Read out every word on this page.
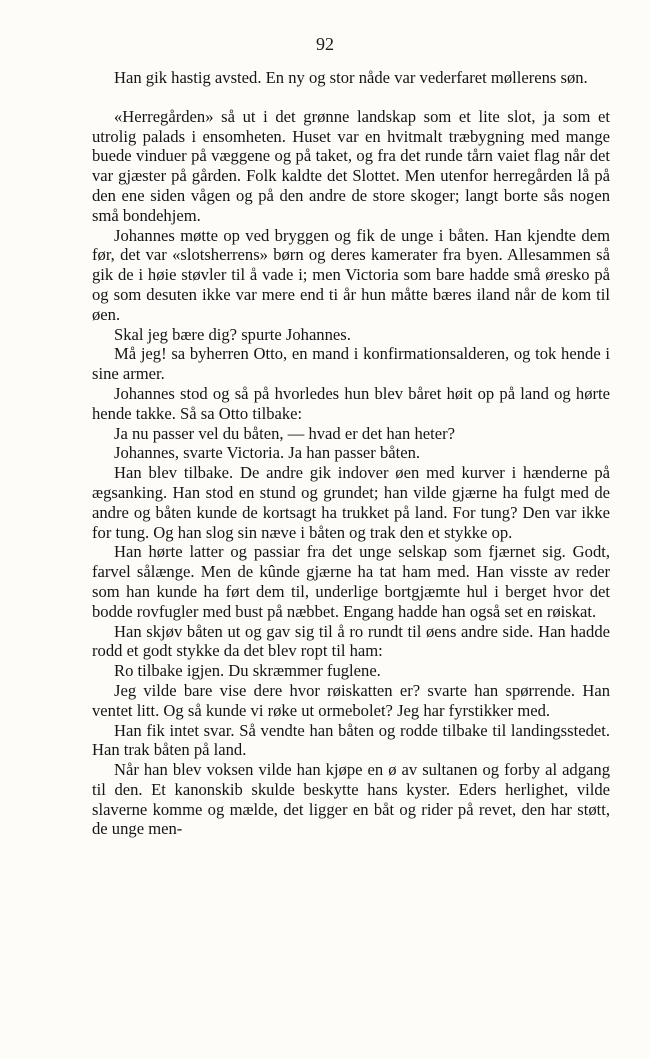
92

Han gik hastig avsted. En ny og stor nåde var vederfaret møllerens søn.

«Herregården» så ut i det grønne landskap som et lite slot, ja som et utrolig palads i ensomheten. Huset var en hvitmalt træbygning med mange buede vinduer på væggene og på taket, og fra det runde tårn vaiet flag når det var gjæster på gården. Folk kaldte det Slottet. Men utenfor herregården lå på den ene siden vågen og på den andre de store skoger; langt borte sås nogen små bondehjem.

Johannes møtte op ved bryggen og fik de unge i båten. Han kjendte dem før, det var «slotsherrens» børn og deres kamerater fra byen. Allesammen så gik de i høie støvler til å vade i; men Victoria som bare hadde små øresko på og som desuten ikke var mere end ti år hun måtte bæres iland når de kom til øen.

Skal jeg bære dig? spurte Johannes.

Må jeg! sa byherren Otto, en mand i konfirmationsalderen, og tok hende i sine armer.

Johannes stod og så på hvorledes hun blev båret høit op på land og hørte hende takke. Så sa Otto tilbake:

Ja nu passer vel du båten, — hvad er det han heter?

Johannes, svarte Victoria. Ja han passer båten.

Han blev tilbake. De andre gik indover øen med kurver i hænderne på ægsanking. Han stod en stund og grundet; han vilde gjærne ha fulgt med de andre og båten kunde de kortsagt ha trukket på land. For tung? Den var ikke for tung. Og han slog sin næve i båten og trak den et stykke op.

Han hørte latter og passiar fra det unge selskap som fjærnet sig. Godt, farvel sålænge. Men de kûnde gjærne ha tat ham med. Han visste av reder som han kunde ha ført dem til, underlige bortgjæmte hul i berget hvor det bodde rovfugler med bust på næbbet. Engang hadde han også set en røiskat.

Han skjøv båten ut og gav sig til å ro rundt til øens andre side. Han hadde rodd et godt stykke da det blev ropt til ham:

Ro tilbake igjen. Du skræmmer fuglene.

Jeg vilde bare vise dere hvor røiskatten er? svarte han spørrende. Han ventet litt. Og så kunde vi røke ut ormebolet? Jeg har fyrstikker med.

Han fik intet svar. Så vendte han båten og rodde tilbake til landingsstedet. Han trak båten på land.

Når han blev voksen vilde han kjøpe en ø av sultanen og forby al adgang til den. Et kanonskib skulde beskytte hans kyster. Eders herlighet, vilde slaverne komme og mælde, det ligger en båt og rider på revet, den har støtt, de unge men-
